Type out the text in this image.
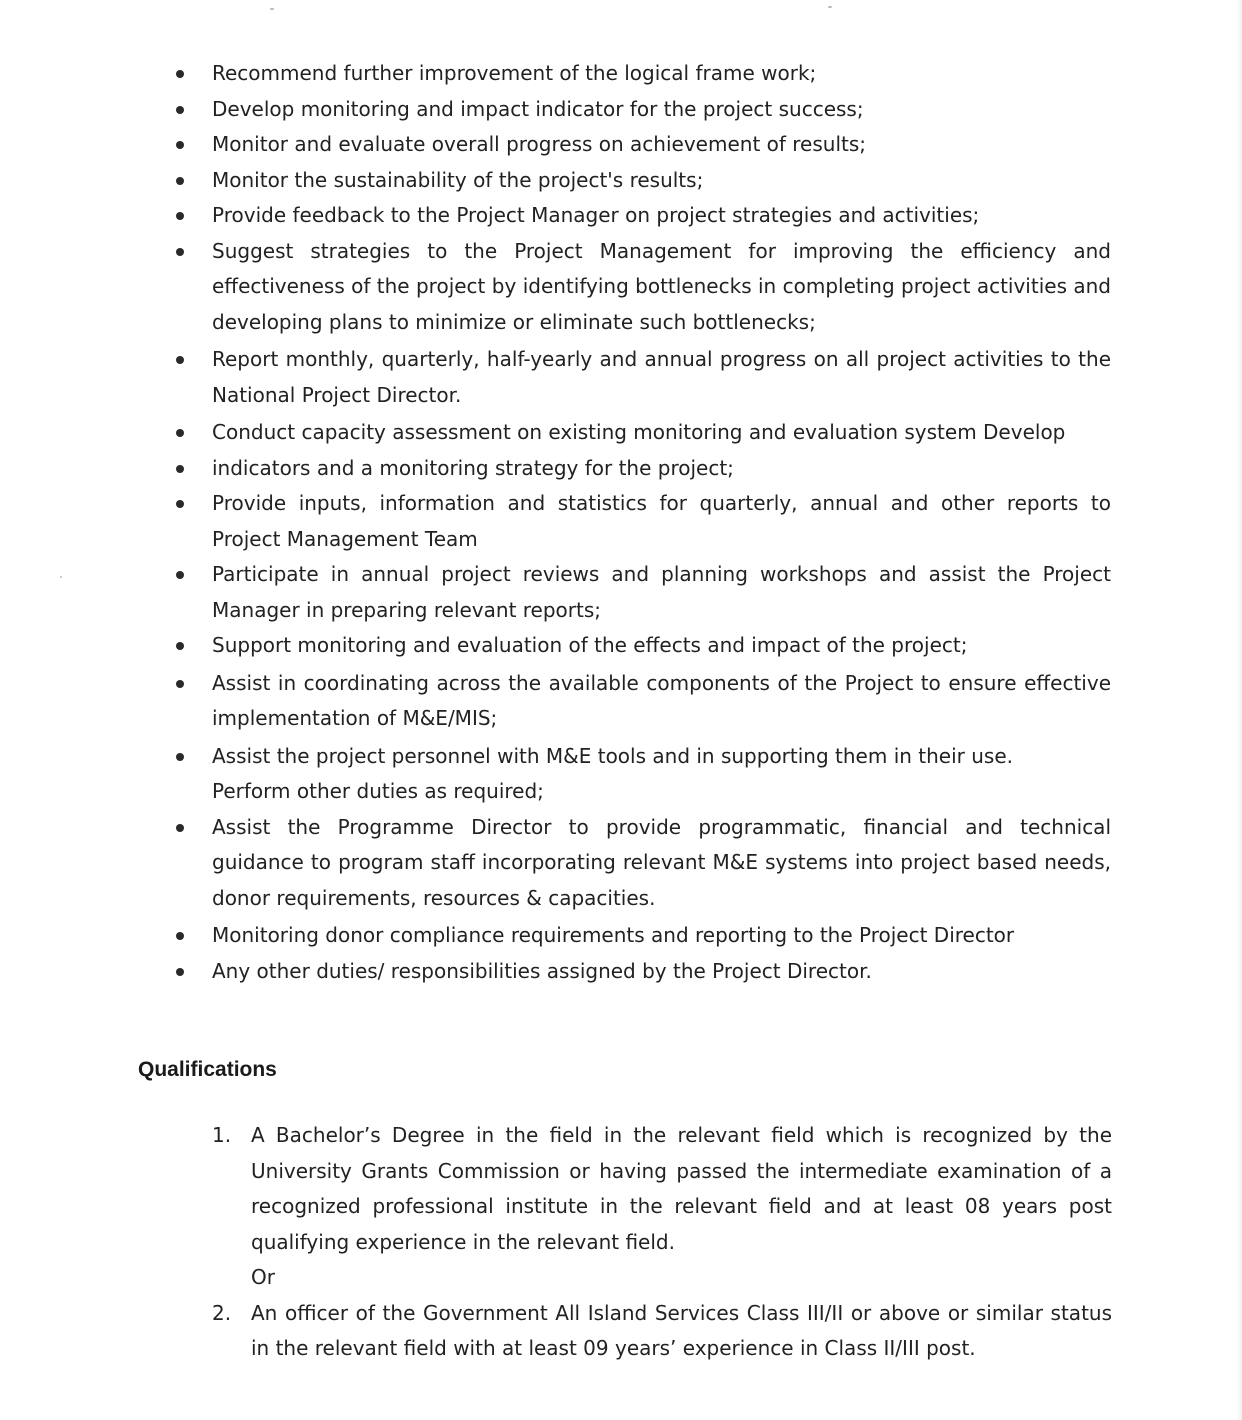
Recommend further improvement of the logical frame work;
Develop monitoring and impact indicator for the project success;
Monitor and evaluate overall progress on achievement of results;
Monitor the sustainability of the project's results;
Provide feedback to the Project Manager on project strategies and activities;
Suggest strategies to the Project Management for improving the efficiency and effectiveness of the project by identifying bottlenecks in completing project activities and developing plans to minimize or eliminate such bottlenecks;
Report monthly, quarterly, half-yearly and annual progress on all project activities to the National Project Director.
Conduct capacity assessment on existing monitoring and evaluation system Develop
indicators and a monitoring strategy for the project;
Provide inputs, information and statistics for quarterly, annual and other reports to Project Management Team
Participate in annual project reviews and planning workshops and assist the Project Manager in preparing relevant reports;
Support monitoring and evaluation of the effects and impact of the project;
Assist in coordinating across the available components of the Project to ensure effective implementation of M&E/MIS;
Assist the project personnel with M&E tools and in supporting them in their use.
Perform other duties as required;
Assist the Programme Director to provide programmatic, financial and technical guidance to program staff incorporating relevant M&E systems into project based needs, donor requirements, resources & capacities.
Monitoring donor compliance requirements and reporting to the Project Director
Any other duties/ responsibilities assigned by the Project Director.
Qualifications
1. A Bachelor’s Degree in the field in the relevant field which is recognized by the University Grants Commission or having passed the intermediate examination of a recognized professional institute in the relevant field and at least 08 years post qualifying experience in the relevant field.
Or
2. An officer of the Government All Island Services Class III/II or above or similar status in the relevant field with at least 09 years’ experience in Class II/III post.
